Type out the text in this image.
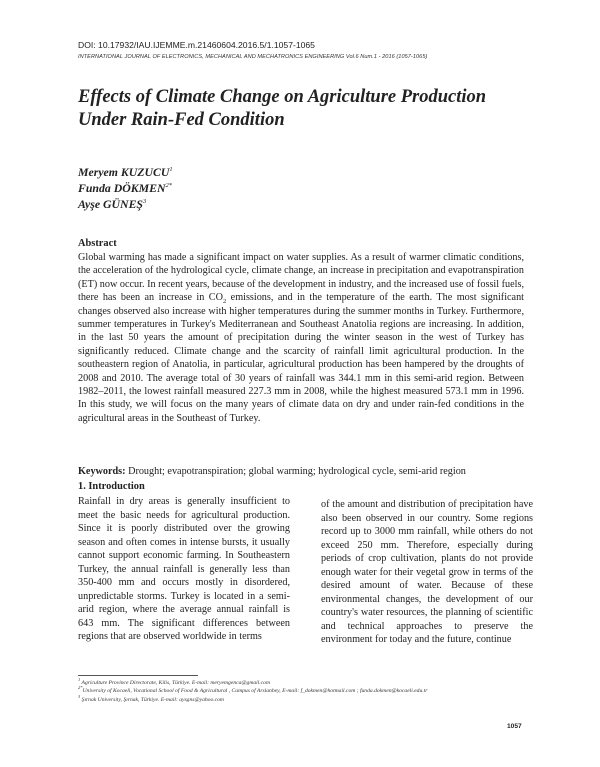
DOI: 10.17932/IAU.IJEMME.m.21460604.2016.5/1.1057-1065
INTERNATIONAL JOURNAL OF ELECTRONICS, MECHANICAL AND MECHATRONICS ENGINEERING Vol.6 Num.1 - 2016 (1057-1065)
Effects of Climate Change on Agriculture Production Under Rain-Fed Condition
Meryem KUZUCU$^1$
Funda $DÖKMEN^{2*}$
Ayşe GÜNEŞ$^3$
Abstract
Global warming has made a significant impact on water supplies. As a result of warmer climatic conditions, the acceleration of the hydrological cycle, climate change, an increase in precipitation and evapotranspiration (ET) now occur. In recent years, because of the development in industry, and the increased use of fossil fuels, there has been an increase in $CO_2$ emissions, and in the temperature of the earth. The most significant changes observed also increase with higher temperatures during the summer months in Turkey. Furthermore, summer temperatures in Turkey's Mediterranean and Southeast Anatolia regions are increasing. In addition, in the last 50 years the amount of precipitation during the winter season in the west of Turkey has significantly reduced. Climate change and the scarcity of rainfall limit agricultural production. In the southeastern region of Anatolia, in particular, agricultural production has been hampered by the droughts of 2008 and 2010. The average total of 30 years of rainfall was 344.1 mm in this semi-arid region. Between 1982–2011, the lowest rainfall measured 227.3 mm in 2008, while the highest measured 573.1 mm in 1996. In this study, we will focus on the many years of climate data on dry and under rain-fed conditions in the agricultural areas in the Southeast of Turkey.
Keywords: Drought; evapotranspiration; global warming; hydrological cycle, semi-arid region
1. Introduction
Rainfall in dry areas is generally insufficient to meet the basic needs for agricultural production. Since it is poorly distributed over the growing season and often comes in intense bursts, it usually cannot support economic farming. In Southeastern Turkey, the annual rainfall is generally less than 350-400 mm and occurs mostly in disordered, unpredictable storms. Turkey is located in a semi-arid region, where the average annual rainfall is 643 mm. The significant differences between regions that are observed worldwide in terms
of the amount and distribution of precipitation have also been observed in our country. Some regions record up to 3000 mm rainfall, while others do not exceed 250 mm. Therefore, especially during periods of crop cultivation, plants do not provide enough water for their vegetal grow in terms of the desired amount of water. Because of these environmental changes, the development of our country's water resources, the planning of scientific and technical approaches to preserve the environment for today and the future, continue
$^1$ Agriculture Province Directorate, Kilis, Türkiye. E-mail: meryemgenca@gmail.com
$^{2*}$University of Kocaeli, Vocational School of Food & Agricultural , Campus of Arslanbey, E-mail: f_dokmen@hotmail.com ; funda.dokmen@kocaeli.edu.tr
$^3$ Şırnak University, Şırnak, Türkiye. E-mail: aysgns@yahoo.com
1057
